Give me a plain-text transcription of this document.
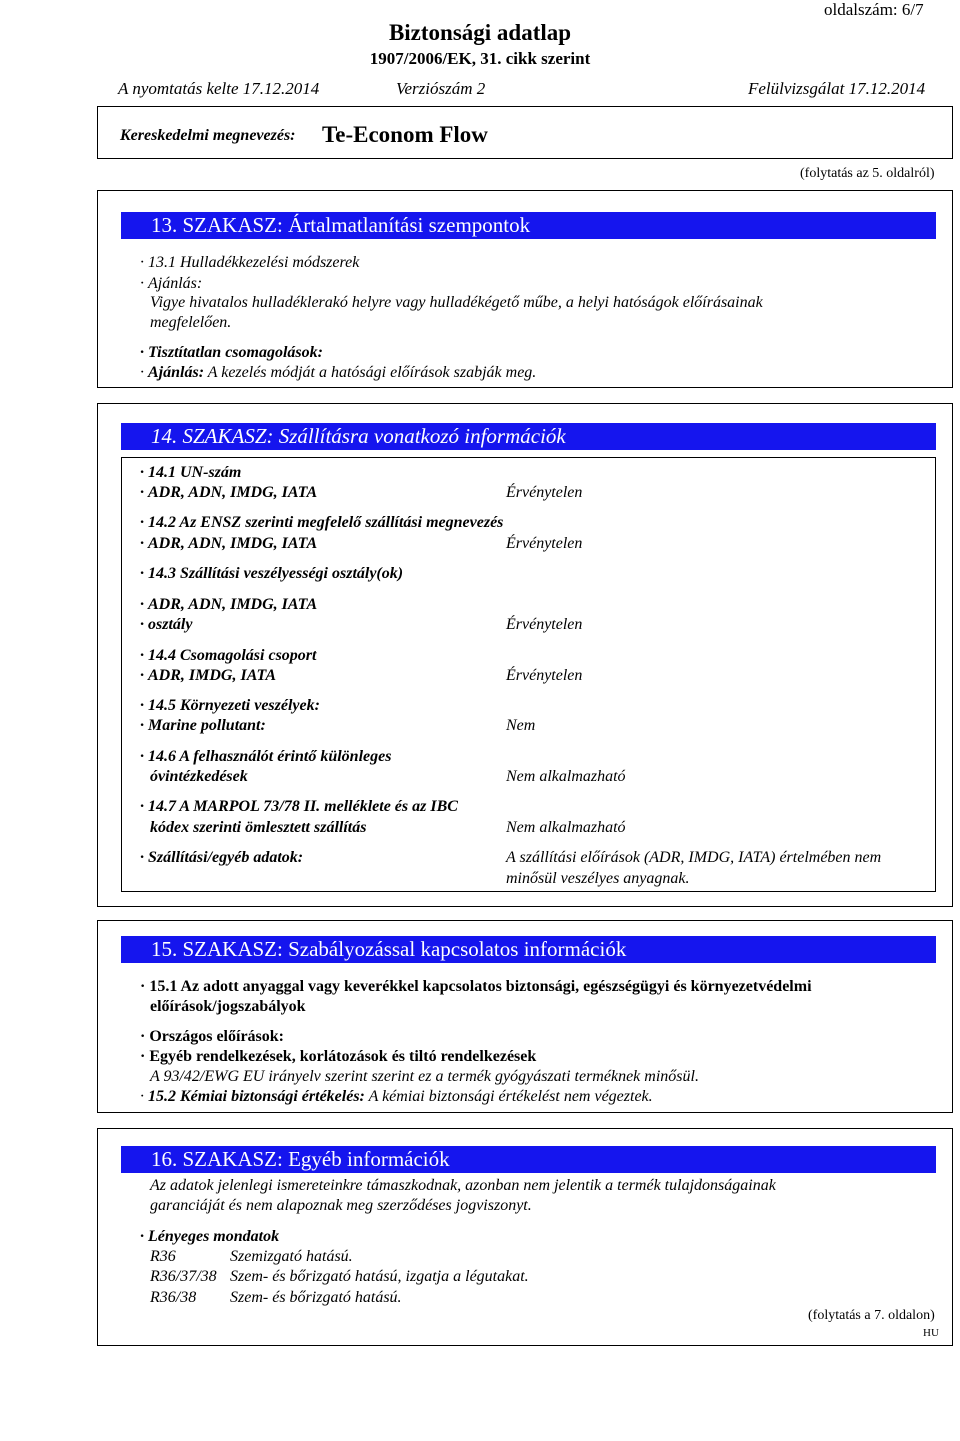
oldalszám: 6/7
Biztonsági adatlap
1907/2006/EK, 31. cikk szerint
A nyomtatás kelte 17.12.2014	Verziószám 2	Felülvizsgálat 17.12.2014
Kereskedelmi megnevezés: Te-Econom Flow
(folytatás az 5. oldalról)
13. SZAKASZ: Ártalmatlanítási szempontok
· 13.1 Hulladékkezelési módszerek
· Ajánlás:
Vigye hivatalos hulladéklerakó helyre vagy hulladékégető műbe, a helyi hatóságok előírásainak
megfelelően.
· Tisztítatlan csomagolások:
· Ajánlás: A kezelés módját a hatósági előírások szabják meg.
14. SZAKASZ: Szállításra vonatkozó információk
· 14.1 UN-szám
· ADR, ADN, IMDG, IATA	Érvénytelen
· 14.2 Az ENSZ szerinti megfelelő szállítási megnevezés
· ADR, ADN, IMDG, IATA	Érvénytelen
· 14.3 Szállítási veszélyességi osztály(ok)
· ADR, ADN, IMDG, IATA
· osztály	Érvénytelen
· 14.4 Csomagolási csoport
· ADR, IMDG, IATA	Érvénytelen
· 14.5 Környezeti veszélyek:
· Marine pollutant:	Nem
· 14.6 A felhasználót érintő különleges
óvintézkedések	Nem alkalmazható
· 14.7 A MARPOL 73/78 II. melléklete és az IBC
kódex szerinti ömlesztett szállítás	Nem alkalmazható
· Szállítási/egyéb adatok:	A szállítási előírások (ADR, IMDG, IATA) értelmében nem
minősül veszélyes anyagnak.
15. SZAKASZ: Szabályozással kapcsolatos információk
· 15.1 Az adott anyaggal vagy keverékkel kapcsolatos biztonsági, egészségügyi és környezetvédelmi
előírások/jogszabályok
· Országos előírások:
· Egyéb rendelkezések, korlátozások és tiltó rendelkezések
A 93/42/EWG EU irányelv szerint szerint ez a termék gyógyászati terméknek minősül.
· 15.2 Kémiai biztonsági értékelés: A kémiai biztonsági értékelést nem végeztek.
16. SZAKASZ: Egyéb információk
Az adatok jelenlegi ismereteinkre támaszkodnak, azonban nem jelentik a termék tulajdonságainak
garanciáját és nem alapoznak meg szerződéses jogviszonyt.
· Lényeges mondatok
R36	Szemizgató hatású.
R36/37/38 Szem- és bőrizgató hatású, izgatja a légutakat.
R36/38 Szem- és bőrizgató hatású.
(folytatás a 7. oldalon)
HU
